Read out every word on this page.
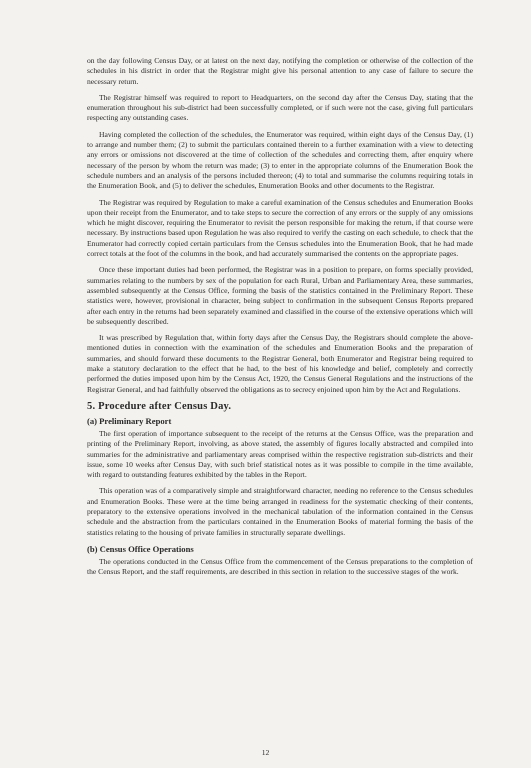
on the day following Census Day, or at latest on the next day, notifying the completion or otherwise of the collection of the schedules in his district in order that the Registrar might give his personal attention to any case of failure to secure the necessary return.

The Registrar himself was required to report to Headquarters, on the second day after the Census Day, stating that the enumeration throughout his sub-district had been successfully completed, or if such were not the case, giving full particulars respecting any outstanding cases.

Having completed the collection of the schedules, the Enumerator was required, within eight days of the Census Day, (1) to arrange and number them; (2) to submit the particulars contained therein to a further examination with a view to detecting any errors or omissions not discovered at the time of collection of the schedules and correcting them, after enquiry where necessary of the person by whom the return was made; (3) to enter in the appropriate columns of the Enumeration Book the schedule numbers and an analysis of the persons included thereon; (4) to total and summarise the columns requiring totals in the Enumeration Book, and (5) to deliver the schedules, Enumeration Books and other documents to the Registrar.

The Registrar was required by Regulation to make a careful examination of the Census schedules and Enumeration Books upon their receipt from the Enumerator, and to take steps to secure the correction of any errors or the supply of any omissions which he might discover, requiring the Enumerator to revisit the person responsible for making the return, if that course were necessary. By instructions based upon Regulation he was also required to verify the casting on each schedule, to check that the Enumerator had correctly copied certain particulars from the Census schedules into the Enumeration Book, that he had made correct totals at the foot of the columns in the book, and had accurately summarised the contents on the appropriate pages.

Once these important duties had been performed, the Registrar was in a position to prepare, on forms specially provided, summaries relating to the numbers by sex of the population for each Rural, Urban and Parliamentary Area, these summaries, assembled subsequently at the Census Office, forming the basis of the statistics contained in the Preliminary Report. These statistics were, however, provisional in character, being subject to confirmation in the subsequent Census Reports prepared after each entry in the returns had been separately examined and classified in the course of the extensive operations which will be subsequently described.

It was prescribed by Regulation that, within forty days after the Census Day, the Registrars should complete the above-mentioned duties in connection with the examination of the schedules and Enumeration Books and the preparation of summaries, and should forward these documents to the Registrar General, both Enumerator and Registrar being required to make a statutory declaration to the effect that he had, to the best of his knowledge and belief, completely and correctly performed the duties imposed upon him by the Census Act, 1920, the Census General Regulations and the instructions of the Registrar General, and had faithfully observed the obligations as to secrecy enjoined upon him by the Act and Regulations.

5. Procedure after Census Day.
(a) Preliminary Report

The first operation of importance subsequent to the receipt of the returns at the Census Office, was the preparation and printing of the Preliminary Report, involving, as above stated, the assembly of figures locally abstracted and compiled into summaries for the administrative and parliamentary areas comprised within the respective registration sub-districts and their issue, some 10 weeks after Census Day, with such brief statistical notes as it was possible to compile in the time available, with regard to outstanding features exhibited by the tables in the Report.

This operation was of a comparatively simple and straightforward character, needing no reference to the Census schedules and Enumeration Books. These were at the time being arranged in readiness for the systematic checking of their contents, preparatory to the extensive operations involved in the mechanical tabulation of the information contained in the Census schedule and the abstraction from the particulars contained in the Enumeration Books of material forming the basis of the statistics relating to the housing of private families in structurally separate dwellings.

(b) Census Office Operations

The operations conducted in the Census Office from the commencement of the Census preparations to the completion of the Census Report, and the staff requirements, are described in this section in relation to the successive stages of the work.

12
